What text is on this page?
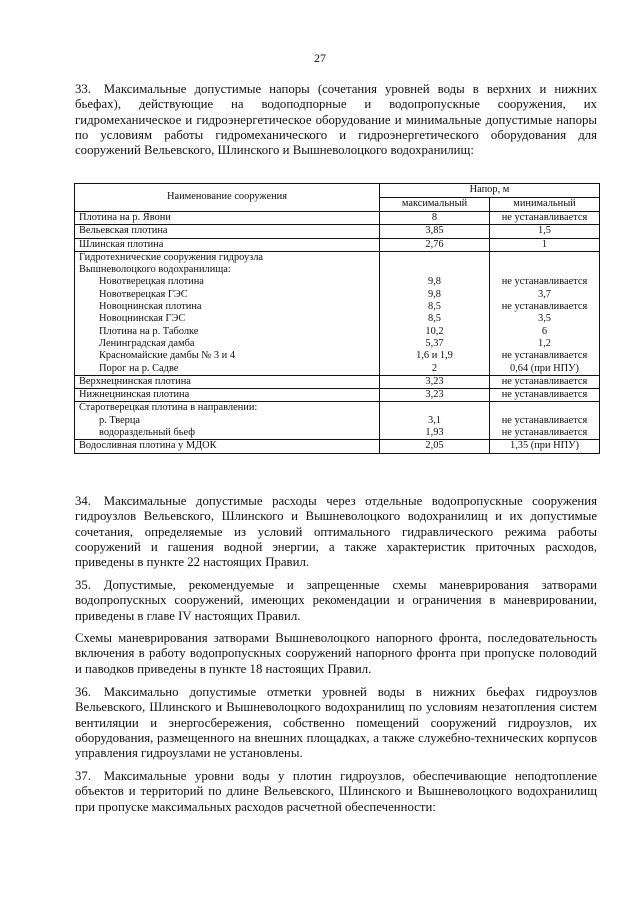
27

33. Максимальные допустимые напоры (сочетания уровней воды в верхних и нижних бьефах), действующие на водоподпорные и водопропускные сооружения, их гидромеханическое и гидроэнергетическое оборудование и минимальные допустимые напоры по условиям работы гидромеханического и гидроэнергетического оборудования для сооружений Вельевского, Шлинского и Вышневолоцкого водохранилищ:

Наименование сооружения	Напор, м	
	максимальный	минимальный
Плотина на р. Явони	8	не устанавливается
Вельевская плотина	3,85	1,5
Шлинская плотина	2,76	1
Гидротехнические сооружения гидроузла		
Вышневолоцкого водохранилища:		
Новотверецкая плотина	9,8	не устанавливается
Новотверецкая ГЭС	9,8	3,7
Новоцнинская плотина	8,5	не устанавливается
Новоцнинская ГЭС	8,5	3,5
Плотина на р. Таболке	10,2	6
Ленинградская дамба	5,37	1,2
Красномайские дамбы № 3 и 4	1,6 и 1,9	не устанавливается
Порог на р. Садве	2	0,64 (при НПУ)
Верхнецнинская плотина	3,23	не устанавливается
Нижнецнинская плотина	3,23	не устанавливается
Старотверецкая плотина в направлении:		
р. Тверца	3,1	не устанавливается
водораздельный бьеф	1,93	не устанавливается
Водосливная плотина у МДОК	2,05	1,35 (при НПУ)

34. Максимальные допустимые расходы через отдельные водопропускные сооружения гидроузлов Вельевского, Шлинского и Вышневолоцкого водохранилищ и их допустимые сочетания, определяемые из условий оптимального гидравлического режима работы сооружений и гашения водной энергии, а также характеристик приточных расходов, приведены в пункте 22 настоящих Правил.

35. Допустимые, рекомендуемые и запрещенные схемы маневрирования затворами водопропускных сооружений, имеющих рекомендации и ограничения в маневрировании, приведены в главе IV настоящих Правил.

Схемы маневрирования затворами Вышневолоцкого напорного фронта, последовательность включения в работу водопропускных сооружений напорного фронта при пропуске половодий и паводков приведены в пункте 18 настоящих Правил.

36. Максимально допустимые отметки уровней воды в нижних бьефах гидроузлов Вельевского, Шлинского и Вышневолоцкого водохранилищ по условиям незатопления систем вентиляции и энергосбережения, собственно помещений сооружений гидроузлов, их оборудования, размещенного на внешних площадках, а также служебно-технических корпусов управления гидроузлами не установлены.

37. Максимальные уровни воды у плотин гидроузлов, обеспечивающие неподтопление объектов и территорий по длине Вельевского, Шлинского и Вышневолоцкого водохранилищ при пропуске максимальных расходов расчетной обеспеченности:
